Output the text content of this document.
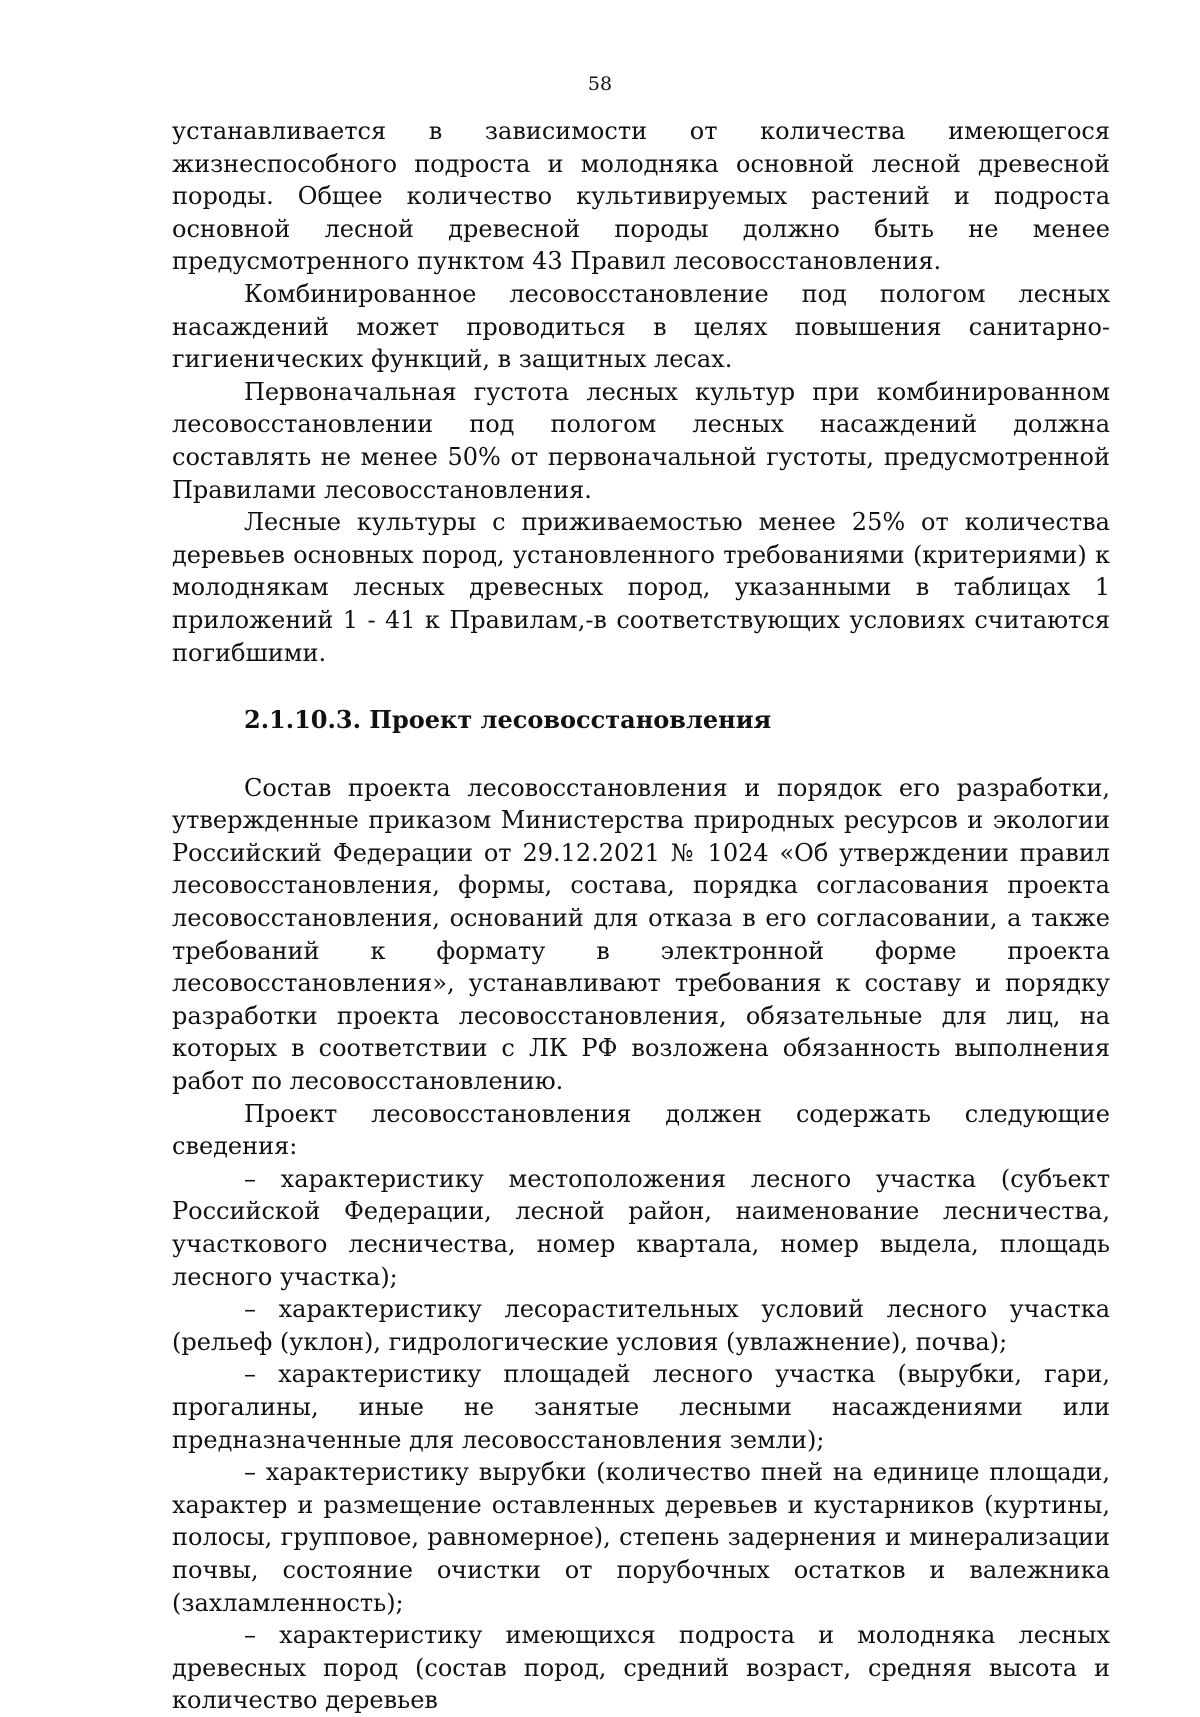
58

устанавливается в зависимости от количества имеющегося жизнеспособного подроста и молодняка основной лесной древесной породы. Общее количество культивируемых растений и подроста основной лесной древесной породы должно быть не менее предусмотренного пунктом 43 Правил лесовосстановления.

Комбинированное лесовосстановление под пологом лесных насаждений может проводиться в целях повышения санитарно-гигиенических функций, в защитных лесах.

Первоначальная густота лесных культур при комбинированном лесовосстановлении под пологом лесных насаждений должна составлять не менее 50% от первоначальной густоты, предусмотренной Правилами лесовосстановления.

Лесные культуры с приживаемостью менее 25% от количества деревьев основных пород, установленного требованиями (критериями) к молоднякам лесных древесных пород, указанными в таблицах 1 приложений 1 - 41 к Правилам,-в соответствующих условиях считаются погибшими.

2.1.10.3. Проект лесовосстановления

Состав проекта лесовосстановления и порядок его разработки, утвержденные приказом Министерства природных ресурсов и экологии Российский Федерации от 29.12.2021 № 1024 «Об утверждении правил лесовосстановления, формы, состава, порядка согласования проекта лесовосстановления, оснований для отказа в его согласовании, а также требований к формату в электронной форме проекта лесовосстановления», устанавливают требования к составу и порядку разработки проекта лесовосстановления, обязательные для лиц, на которых в соответствии с ЛК РФ возложена обязанность выполнения работ по лесовосстановлению.

Проект лесовосстановления должен содержать следующие сведения:

– характеристику местоположения лесного участка (субъект Российской Федерации, лесной район, наименование лесничества, участкового лесничества, номер квартала, номер выдела, площадь лесного участка);

– характеристику лесорастительных условий лесного участка (рельеф (уклон), гидрологические условия (увлажнение), почва);

– характеристику площадей лесного участка (вырубки, гари, прогалины, иные не занятые лесными насаждениями или предназначенные для лесовосстановления земли);

– характеристику вырубки (количество пней на единице площади, характер и размещение оставленных деревьев и кустарников (куртины, полосы, групповое, равномерное), степень задернения и минерализации почвы, состояние очистки от порубочных остатков и валежника (захламленность);

– характеристику имеющихся подроста и молодняка лесных древесных пород (состав пород, средний возраст, средняя высота и количество деревьев
